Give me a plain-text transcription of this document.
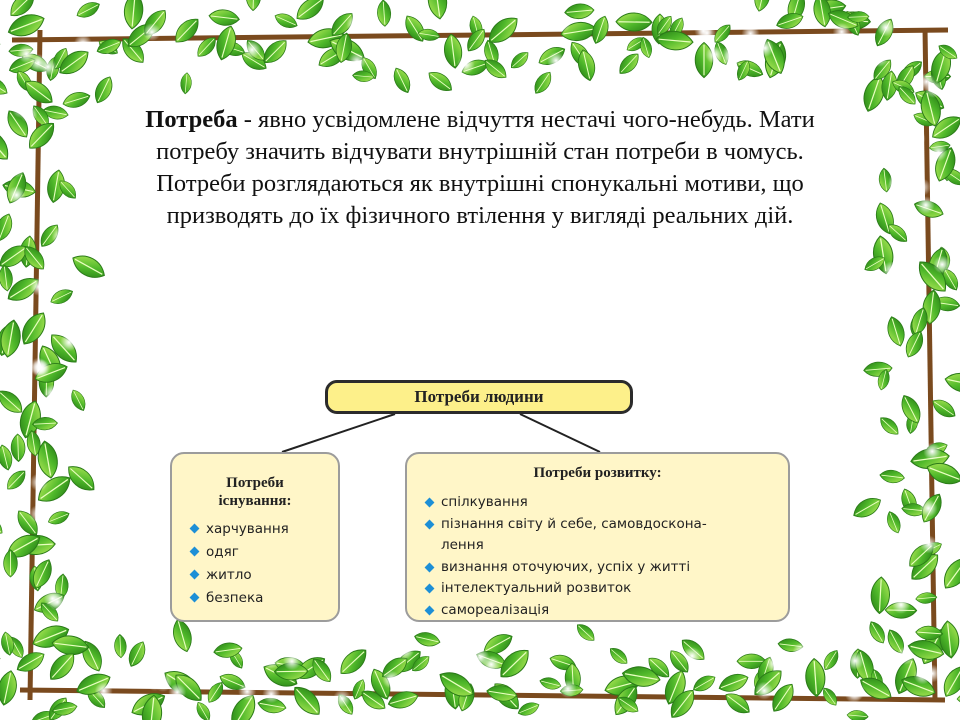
Потреба - явно усвідомлене відчуття нестачі чого-небудь. Мати потребу значить відчувати внутрішній стан потреби в чомусь. Потреби розглядаються як внутрішні спонукальні мотиви, що призводять до їх фізичного втілення у вигляді реальних дій.
Потреби людини
Потреби існування:
харчування
одяг
житло
безпека
Потреби розвитку:
спілкування
пізнання світу й себе, самовдоскона-
лення
визнання оточуючих, успіх у житті
інтелектуальний розвиток
самореалізація
